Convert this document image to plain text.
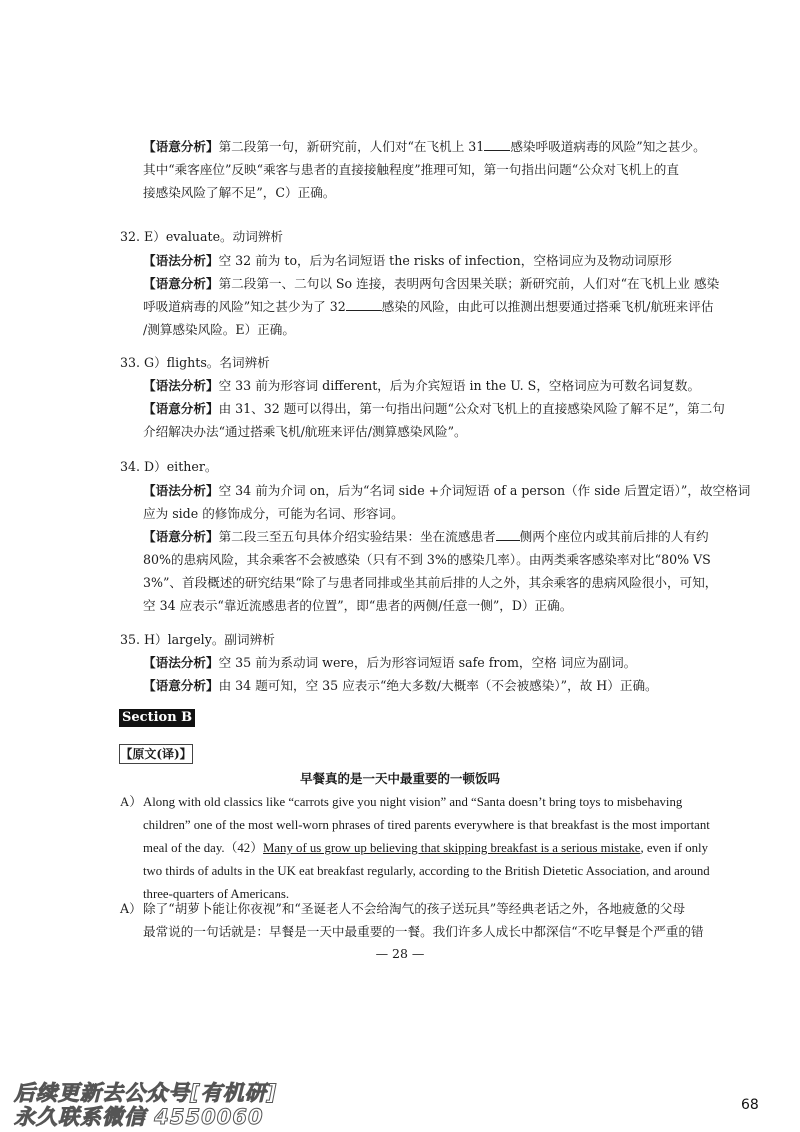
【语意分析】第二段第一句，新研究前，人们对“在飞机上 31 感染呼吸道病毒的风险”知之甚少。
其中“乘客座位”反映“乘客与患者的直接接触程度”推理可知，第一句指出问题“公众对飞机上的直
接感染风险了解不足”，C）正确。
32. E）evaluate。动词辨析
【语法分析】空 32 前为 to，后为名词短语 the risks of infection，空格词应为及物动词原形
【语意分析】第二段第一、二句以 So 连接，表明两句含因果关联；新研究前，人们对“在飞机上业 感染
呼吸道病毒的风险”知之甚少为了 32	感染的风险，由此可以推测出想要通过搭乘飞机/航班来评估
/测算感染风险。E）正确。
33. G）flights。名词辨析
【语法分析】空 33 前为形容词 different，后为介宾短语 in the U. S，空格词应为可数名词复数。
【语意分析】由 31、32 题可以得出，第一句指出问题“公众对飞机上的直接感染风险了解不足”，第二句
介绍解决办法“通过搭乘飞机/航班来评估/测算感染风险”。
34. D）either。
【语法分析】空 34 前为介词 on，后为“名词 side +介词短语 of a person（作 side 后置定语）”，故空格词
应为 side 的修饰成分，可能为名词、形容词。
【语意分析】第二段三至五句具体介绍实验结果：坐在流感患者 侧两个座位内或其前后排的人有约
80%的患病风险，其余乘客不会被感染（只有不到 3%的感染几率）。由两类乘客感染率对比“80% VS
3%”、首段概述的研究结果“除了与患者同排或坐其前后排的人之外，其余乘客的患病风险很小，可知，
空 34 应表示“靠近流感患者的位置”，即“患者的两侧/任意一侧”，D）正确。
35. H）largely。副词辨析
【语法分析】空 35 前为系动词 were，后为形容词短语 safe from，空格 词应为副词。
【语意分析】由 34 题可知，空 35 应表示“绝大多数/大概率（不会被感染）”，故 H）正确。
Section B
【原文(译)】
早餐真的是一天中最重要的一顿饭吗
A） Along with old classics like “carrots give you night vision” and “Santa doesn’t bring toys to misbehaving
children” one of the most well-worn phrases of tired parents everywhere is that breakfast is the most important
meal of the day.（42）Many of us grow up believing that skipping breakfast is a serious mistake, even if only
two thirds of adults in the UK eat breakfast regularly, according to the British Dietetic Association, and around
three-quarters of Americans.
A） 除了“胡萝卜能让你夜视”和“圣诞老人不会给淘气的孩子送玩具”等经典老话之外，各地疲惫的父母
最常说的一句话就是：早餐是一天中最重要的一餐。我们许多人成长中都深信“不吃早餐是个严重的错
— 28 —
后续更新去公众号[有机研]
永久联系微信 4550060	68
